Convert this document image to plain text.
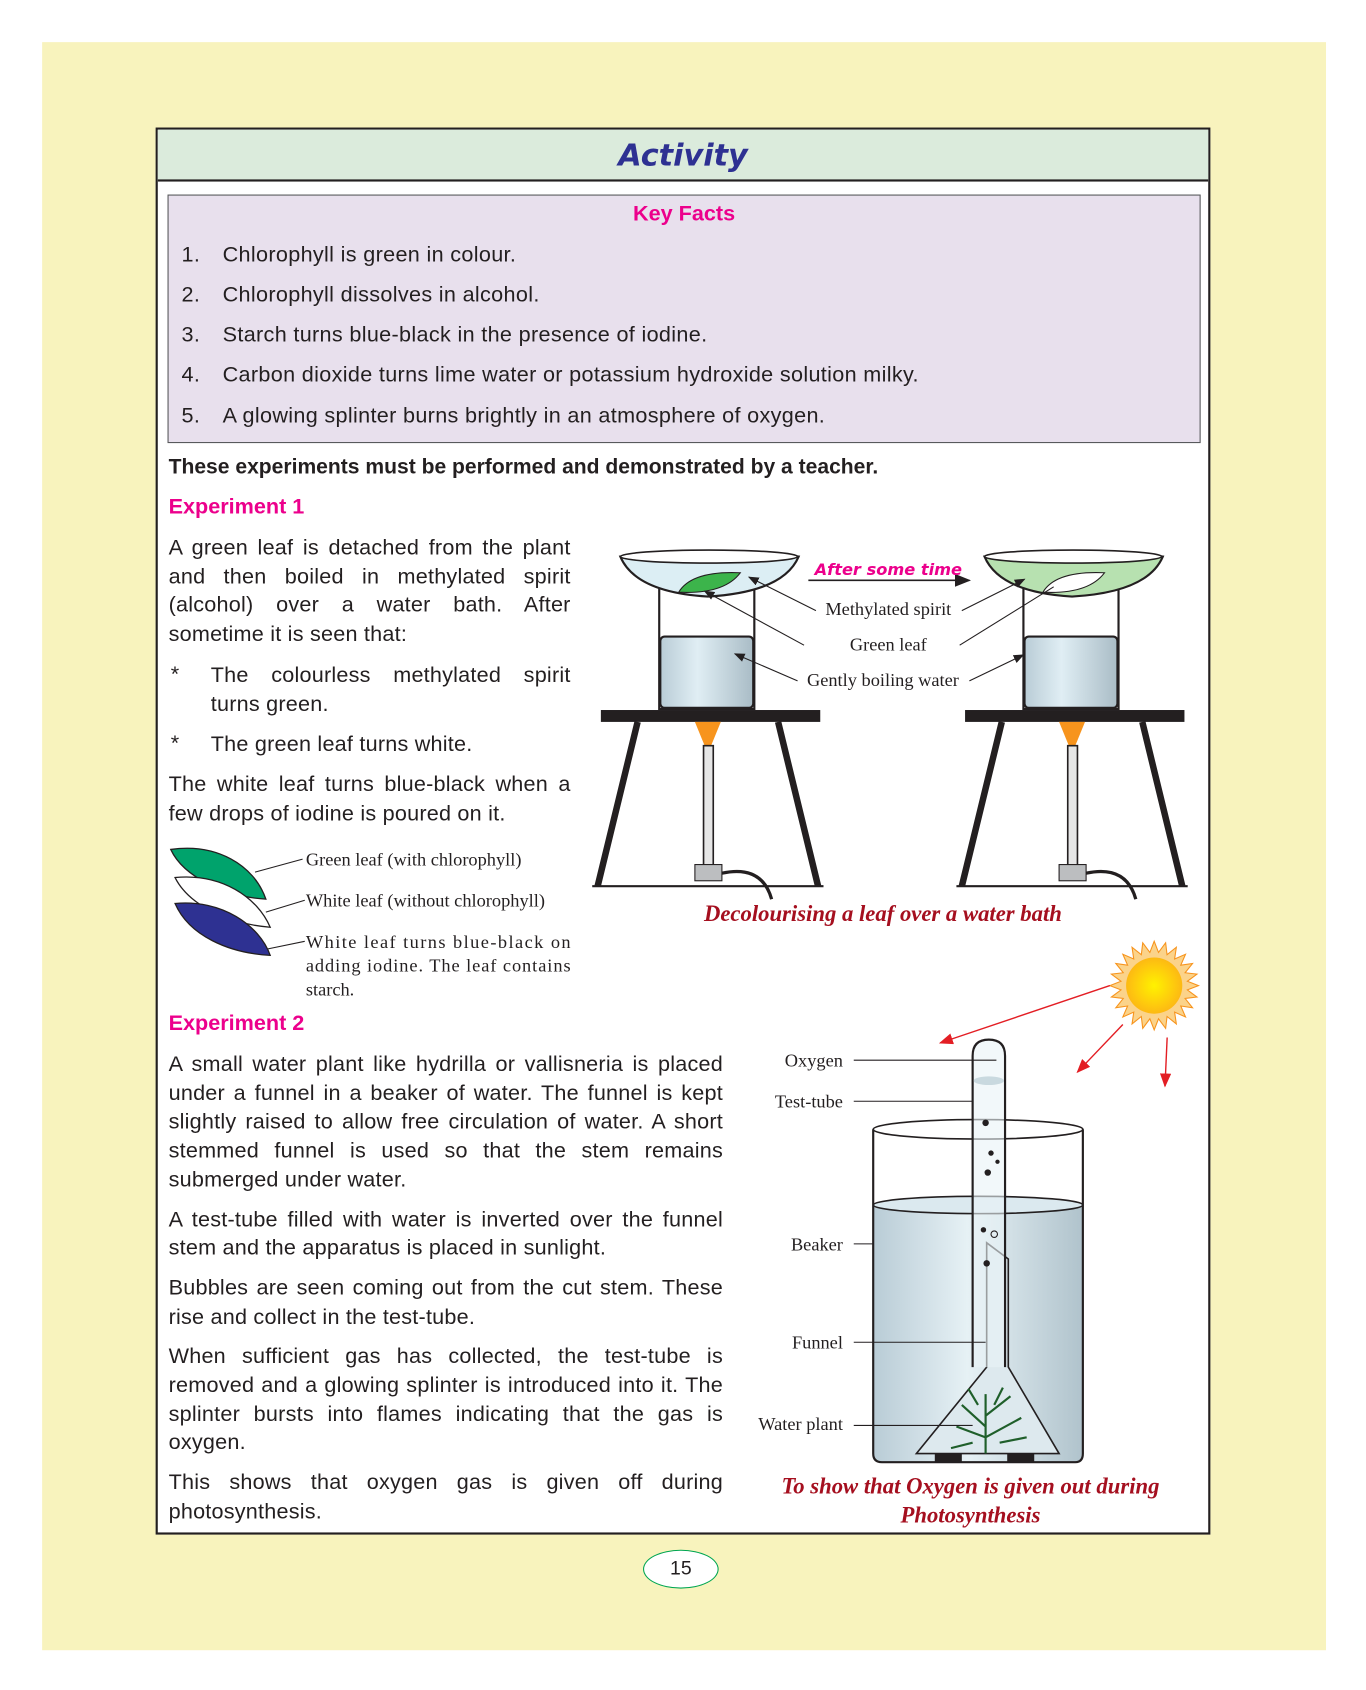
Activity
Key Facts
1. Chlorophyll is green in colour.
2. Chlorophyll dissolves in alcohol.
3. Starch turns blue-black in the presence of iodine.
4. Carbon dioxide turns lime water or potassium hydroxide solution milky.
5. A glowing splinter burns brightly in an atmosphere of oxygen.
These experiments must be performed and demonstrated by a teacher.
Experiment 1
A green leaf is detached from the plant and then boiled in methylated spirit (alcohol) over a water bath. After sometime it is seen that:
* The colourless methylated spirit turns green.
* The green leaf turns white.
The white leaf turns blue-black when a few drops of iodine is poured on it.
Green leaf (with chlorophyll)
White leaf (without chlorophyll)
White leaf turns blue-black on
adding iodine. The leaf contains
starch.
After some time
Methylated spirit
Green leaf
Gently boiling water
Decolourising a leaf over a water bath
Experiment 2
A small water plant like hydrilla or vallisneria is placed under a funnel in a beaker of water. The funnel is kept slightly raised to allow free circulation of water. A short stemmed funnel is used so that the stem remains submerged under water.
A test-tube filled with water is inverted over the funnel stem and the apparatus is placed in sunlight.
Bubbles are seen coming out from the cut stem. These rise and collect in the test-tube.
When sufficient gas has collected, the test-tube is removed and a glowing splinter is introduced into it. The splinter bursts into flames indicating that the gas is oxygen.
This shows that oxygen gas is given off during photosynthesis.
Oxygen
Test-tube
Beaker
Funnel
Water plant
To show that Oxygen is given out during
Photosynthesis
15
